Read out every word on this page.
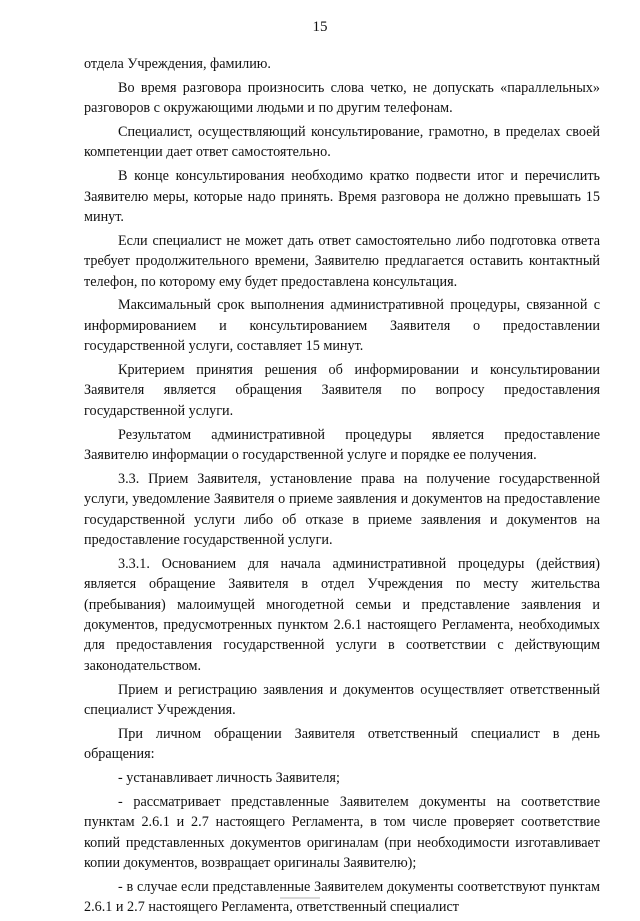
15

отдела Учреждения, фамилию.

Во время разговора произносить слова четко, не допускать «параллельных» разговоров с окружающими людьми и по другим телефонам.

Специалист, осуществляющий консультирование, грамотно, в пределах своей компетенции дает ответ самостоятельно.

В конце консультирования необходимо кратко подвести итог и перечислить Заявителю меры, которые надо принять. Время разговора не должно превышать 15 минут.

Если специалист не может дать ответ самостоятельно либо подготовка ответа требует продолжительного времени, Заявителю предлагается оставить контактный телефон, по которому ему будет предоставлена консультация.

Максимальный срок выполнения административной процедуры, связанной с информированием и консультированием Заявителя о предоставлении государственной услуги, составляет 15 минут.

Критерием принятия решения об информировании и консультировании Заявителя является обращения Заявителя по вопросу предоставления государственной услуги.

Результатом административной процедуры является предоставление Заявителю информации о государственной услуге и порядке ее получения.

3.3. Прием Заявителя, установление права на получение государственной услуги, уведомление Заявителя о приеме заявления и документов на предоставление государственной услуги либо об отказе в приеме заявления и документов на предоставление государственной услуги.

3.3.1. Основанием для начала административной процедуры (действия) является обращение Заявителя в отдел Учреждения по месту жительства (пребывания) малоимущей многодетной семьи и представление заявления и документов, предусмотренных пунктом 2.6.1 настоящего Регламента, необходимых для предоставления государственной услуги в соответствии с действующим законодательством.

Прием и регистрацию заявления и документов осуществляет ответственный специалист Учреждения.

При личном обращении Заявителя ответственный специалист в день обращения:

- устанавливает личность Заявителя;

- рассматривает представленные Заявителем документы на соответствие пунктам 2.6.1 и 2.7 настоящего Регламента, в том числе проверяет соответствие копий представленных документов оригиналам (при необходимости изготавливает копии документов, возвращает оригиналы Заявителю);

- в случае если представленные Заявителем документы соответствуют пунктам 2.6.1 и 2.7 настоящего Регламента, ответственный специалист
